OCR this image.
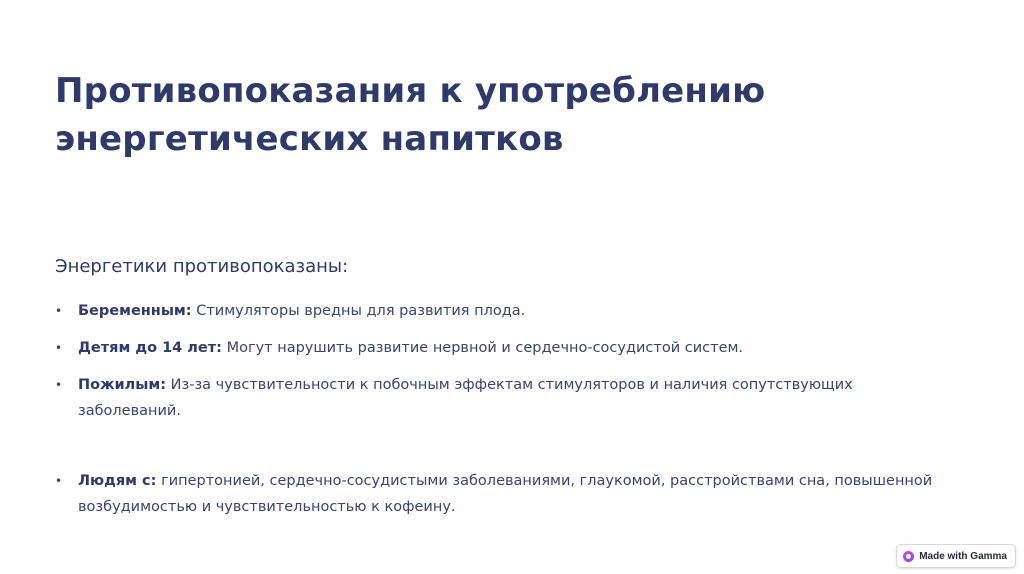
Противопоказания к употреблению
энергетических напитков
Энергетики противопоказаны:
• Беременным: Стимуляторы вредны для развития плода.
• Детям до 14 лет: Могут нарушить развитие нервной и сердечно-сосудистой систем.
• Пожилым: Из-за чувствительности к побочным эффектам стимуляторов и наличия сопутствующих заболеваний.
• Людям с: гипертонией, сердечно-сосудистыми заболеваниями, глаукомой, расстройствами сна, повышенной возбудимостью и чувствительностью к кофеину.
Made with Gamma
